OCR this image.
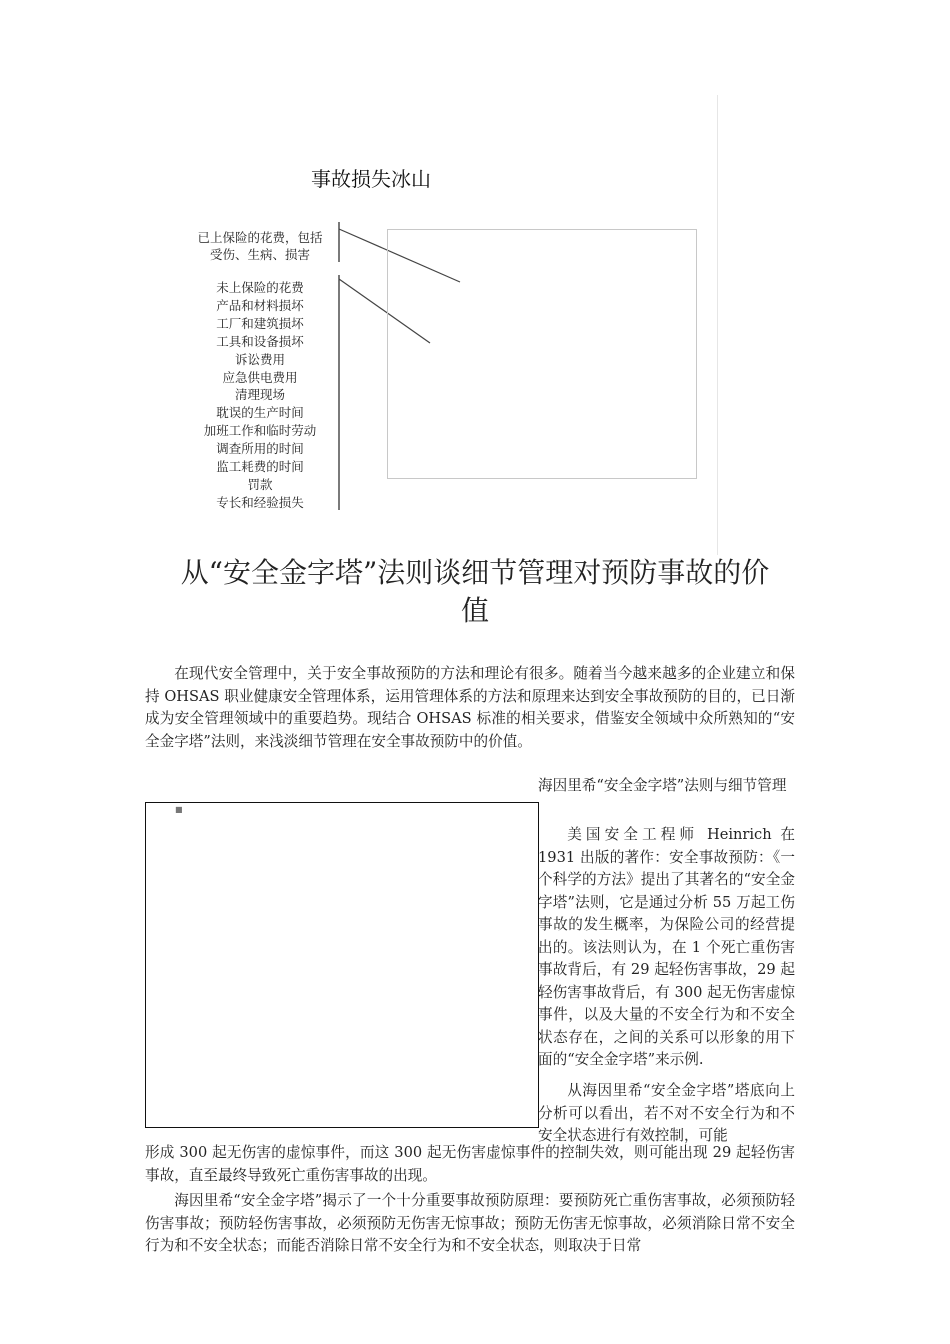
事故损失冰山
已上保险的花费，包括
受伤、生病、损害
未上保险的花费
产品和材料损坏
工厂和建筑损坏
工具和设备损坏
诉讼费用
应急供电费用
清理现场
耽误的生产时间
加班工作和临时劳动
调查所用的时间
监工耗费的时间
罚款
专长和经验损失
从“安全金字塔”法则谈细节管理对预防事故的价
值

在现代安全管理中，关于安全事故预防的方法和理论有很多。随着当今越来越多的企业建立和保持 OHSAS 职业健康安全管理体系，运用管理体系的方法和原理来达到安全事故预防的目的，已日渐成为安全管理领域中的重要趋势。现结合 OHSAS 标准的相关要求，借鉴安全领域中众所熟知的“安全金字塔”法则，来浅淡细节管理在安全事故预防中的价值。

■

海因里希“安全金字塔”法则与细节管理

美国安全工程师 Heinrich 在 1931 出版的著作：安全事故预防：《一个科学的方法》提出了其著名的“安全金字塔”法则，它是通过分析 55 万起工伤事故的发生概率，为保险公司的经营提出的。该法则认为，在 1 个死亡重伤害事故背后，有 29 起轻伤害事故，29 起轻伤害事故背后，有 300 起无伤害虚惊事件，以及大量的不安全行为和不安全状态存在，之间的关系可以形象的用下面的“安全金字塔”来示例.

从海因里希“安全金字塔”塔底向上分析可以看出，若不对不安全行为和不安全状态进行有效控制，可能

形成 300 起无伤害的虚惊事件，而这 300 起无伤害虚惊事件的控制失效，则可能出现 29 起轻伤害事故，直至最终导致死亡重伤害事故的出现。

海因里希“安全金字塔”揭示了一个十分重要事故预防原理：要预防死亡重伤害事故，必须预防轻伤害事故；预防轻伤害事故，必须预防无伤害无惊事故；预防无伤害无惊事故，必须消除日常不安全行为和不安全状态；而能否消除日常不安全行为和不安全状态，则取决于日常
